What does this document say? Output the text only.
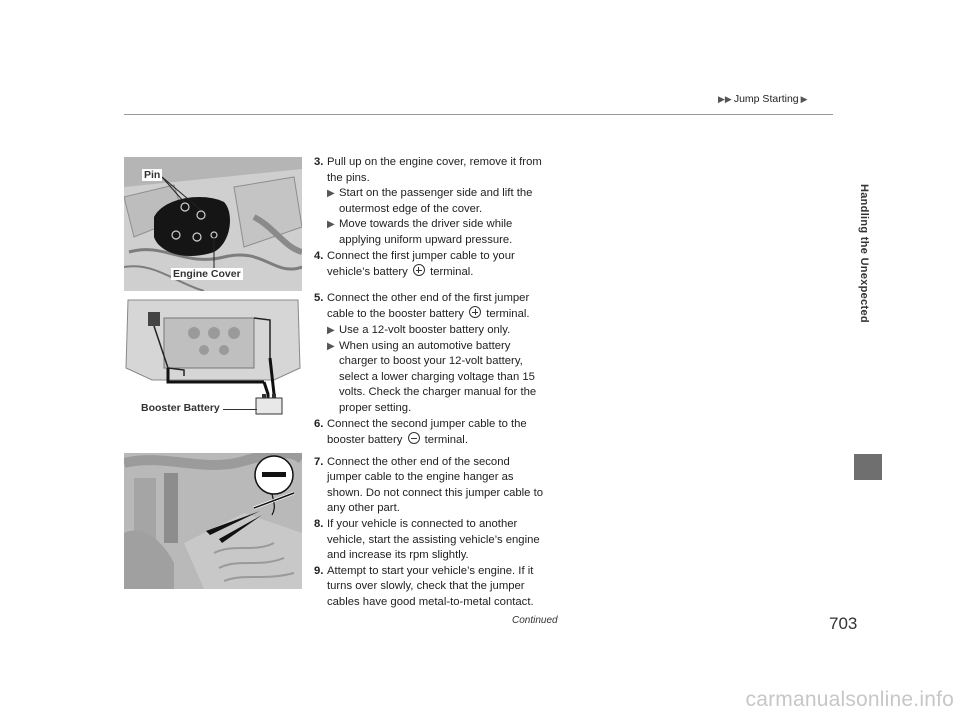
▶▶ Jump Starting ▶
Handling the Unexpected
Pin
Engine Cover
Booster Battery
3. Pull up on the engine cover, remove it from
the pins.
▶ Start on the passenger side and lift the
outermost edge of the cover.
▶ Move towards the driver side while
applying uniform upward pressure.
4. Connect the first jumper cable to your
vehicle’s battery terminal.
5. Connect the other end of the first jumper
cable to the booster battery terminal.
▶ Use a 12-volt booster battery only.
▶ When using an automotive battery
charger to boost your 12-volt battery,
select a lower charging voltage than 15
volts. Check the charger manual for the
proper setting.
6. Connect the second jumper cable to the
booster battery terminal.
7. Connect the other end of the second
jumper cable to the engine hanger as
shown. Do not connect this jumper cable to
any other part.
8. If your vehicle is connected to another
vehicle, start the assisting vehicle’s engine
and increase its rpm slightly.
9. Attempt to start your vehicle’s engine. If it
turns over slowly, check that the jumper
cables have good metal-to-metal contact.
Continued	703
carmanualsonline.info
